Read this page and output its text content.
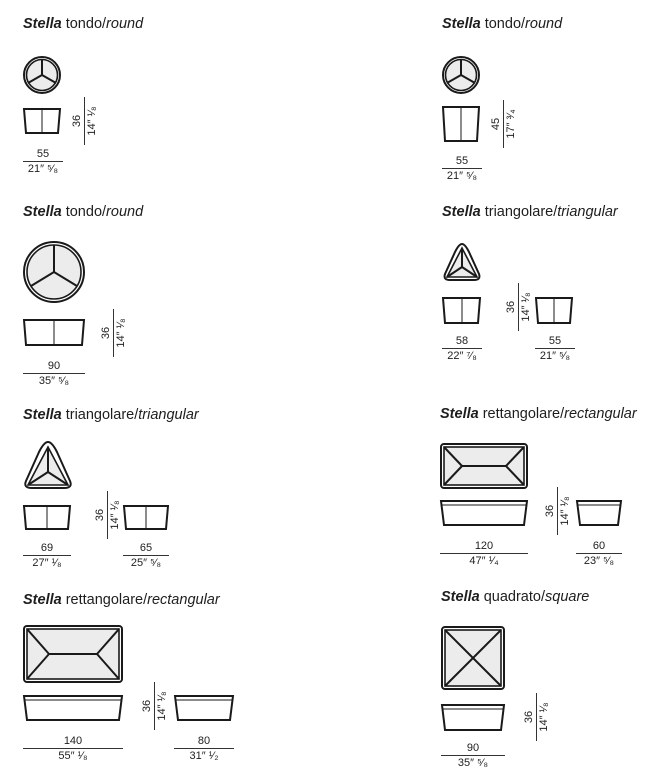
Stella tondo/round
36 14″ ¹⁄₈
55
21″ ⁵⁄₈
Stella tondo/round
45 17″ ³⁄₄
55
21″ ⁵⁄₈
Stella tondo/round
36 14″ ¹⁄₈
90
35″ ⁵⁄₈
Stella triangolare/triangular
36 14″ ¹⁄₈
58
22″ ⁷⁄₈
55
21″ ⁵⁄₈
Stella triangolare/triangular
36 14″ ¹⁄₈
69
27″ ¹⁄₈
65
25″ ⁵⁄₈
Stella rettangolare/rectangular
36 14″ ¹⁄₈
120
47″ ¹⁄₄
60
23″ ⁵⁄₈
Stella rettangolare/rectangular
36 14″ ¹⁄₈
140
55″ ¹⁄₈
80
31″ ¹⁄₂
Stella quadrato/square
36 14″ ¹⁄₈
90
35″ ⁵⁄₈
